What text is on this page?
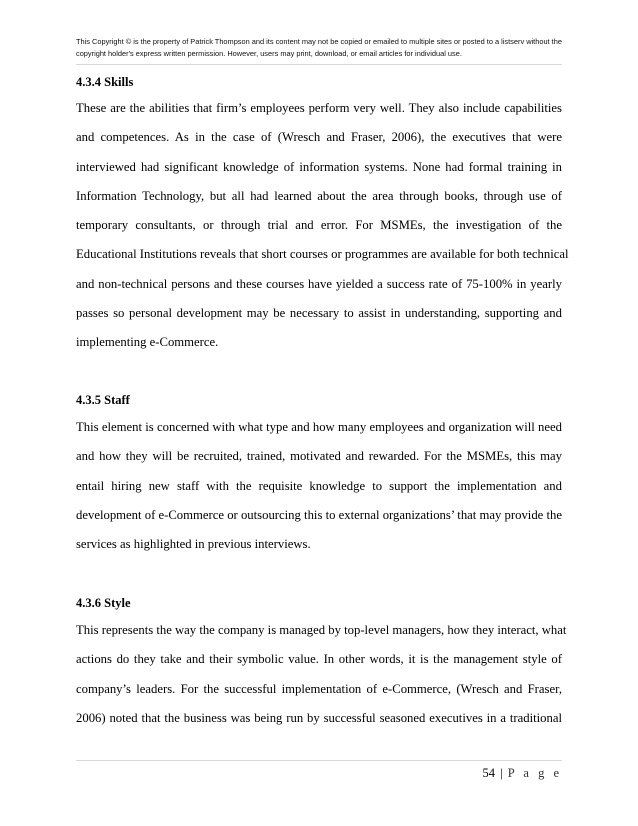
This Copyright © is the property of Patrick Thompson and its content may not be copied or emailed to multiple sites or posted to a listserv without the
copyright holder's express written permission. However, users may print, download, or email articles for individual use.
4.3.4 Skills
These are the abilities that firm’s employees perform very well. They also include capabilities
and competences. As in the case of (Wresch and Fraser, 2006), the executives that were
interviewed had significant knowledge of information systems. None had formal training in
Information Technology, but all had learned about the area through books, through use of
temporary consultants, or through trial and error. For MSMEs, the investigation of the
Educational Institutions reveals that short courses or programmes are available for both technical
and non-technical persons and these courses have yielded a success rate of 75-100% in yearly
passes so personal development may be necessary to assist in understanding, supporting and
implementing e-Commerce.
4.3.5 Staff
This element is concerned with what type and how many employees and organization will need
and how they will be recruited, trained, motivated and rewarded. For the MSMEs, this may
entail hiring new staff with the requisite knowledge to support the implementation and
development of e-Commerce or outsourcing this to external organizations’ that may provide the
services as highlighted in previous interviews.
4.3.6 Style
This represents the way the company is managed by top-level managers, how they interact, what
actions do they take and their symbolic value. In other words, it is the management style of
company’s leaders. For the successful implementation of e-Commerce, (Wresch and Fraser,
2006) noted that the business was being run by successful seasoned executives in a traditional
54 | P a g e
